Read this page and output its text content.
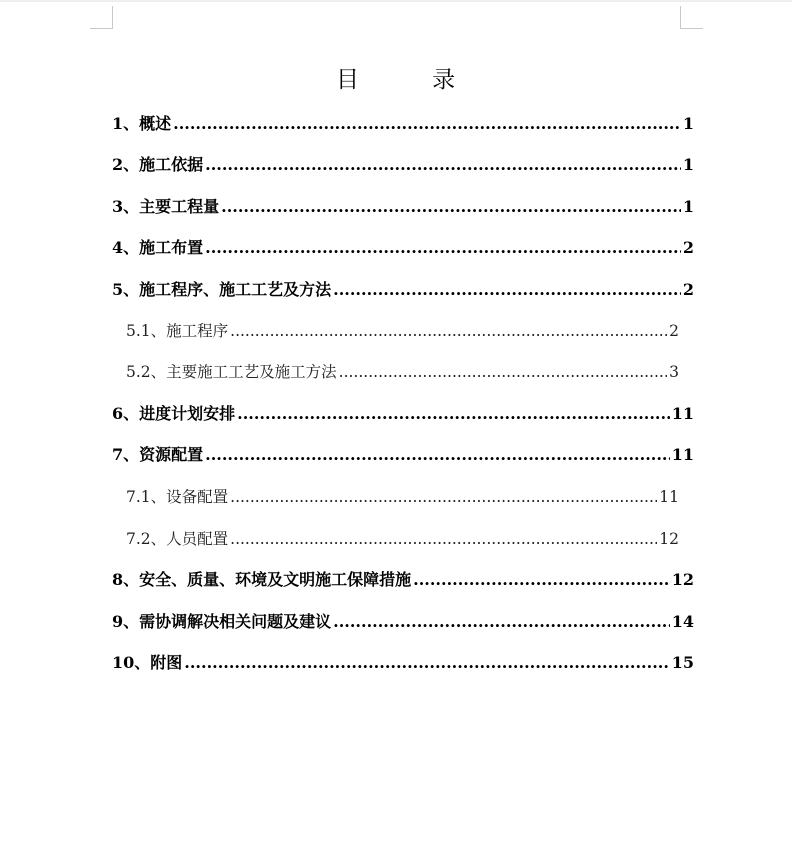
目          录
1、概述 .....	1
2、施工依据 .....	1
3、主要工程量 .....	1
4、施工布置 .....	2
5、施工程序、施工工艺及方法 .....	2
5.1、施工程序 .....	2
5.2、主要施工工艺及施工方法 .....	3
6、进度计划安排 .....	11
7、资源配置 .....	11
7.1、设备配置 .....	11
7.2、人员配置 .....	12
8、安全、质量、环境及文明施工保障措施 .....	12
9、需协调解决相关问题及建议 .....	14
10、附图 .....	15
